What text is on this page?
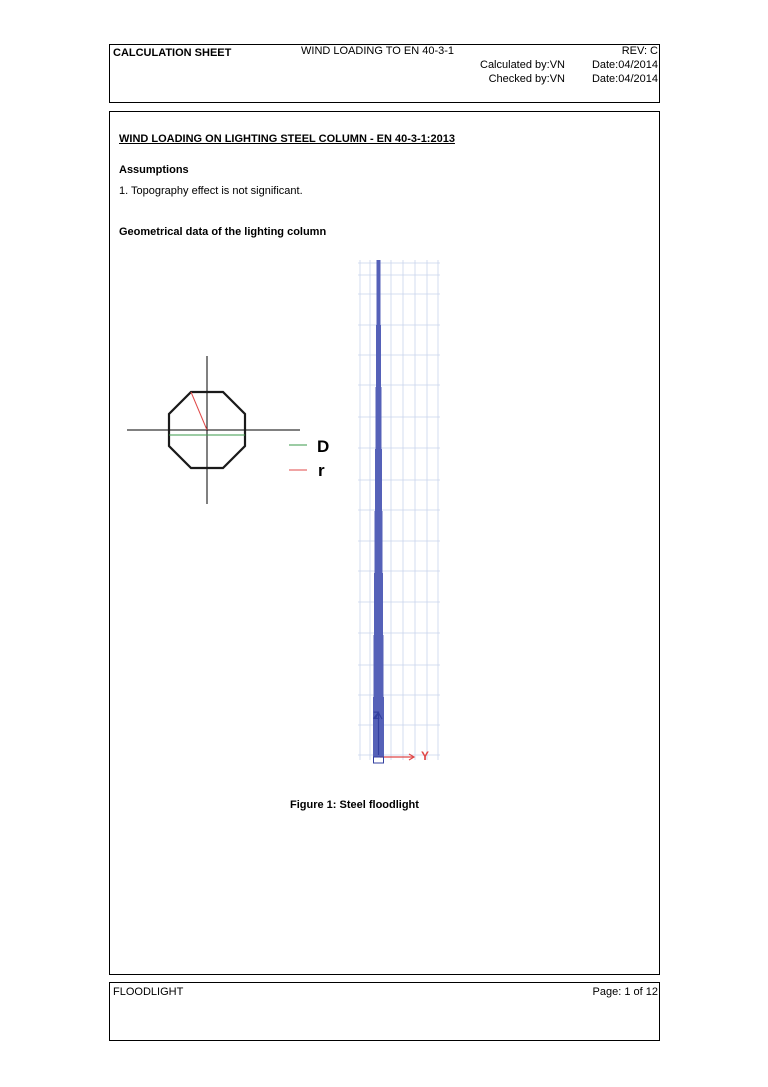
CALCULATION SHEET	WIND LOADING TO EN 40-3-1	REV: C
Calculated by:VN Date:04/2014
Checked by:VN Date:04/2014
WIND LOADING ON LIGHTING STEEL COLUMN - EN 40-3-1:2013
Assumptions
1. Topography effect is not significant.
Geometrical data of the lighting column
D
r
Z
Y
Figure 1: Steel floodlight
FLOODLIGHT	Page: 1 of 12
